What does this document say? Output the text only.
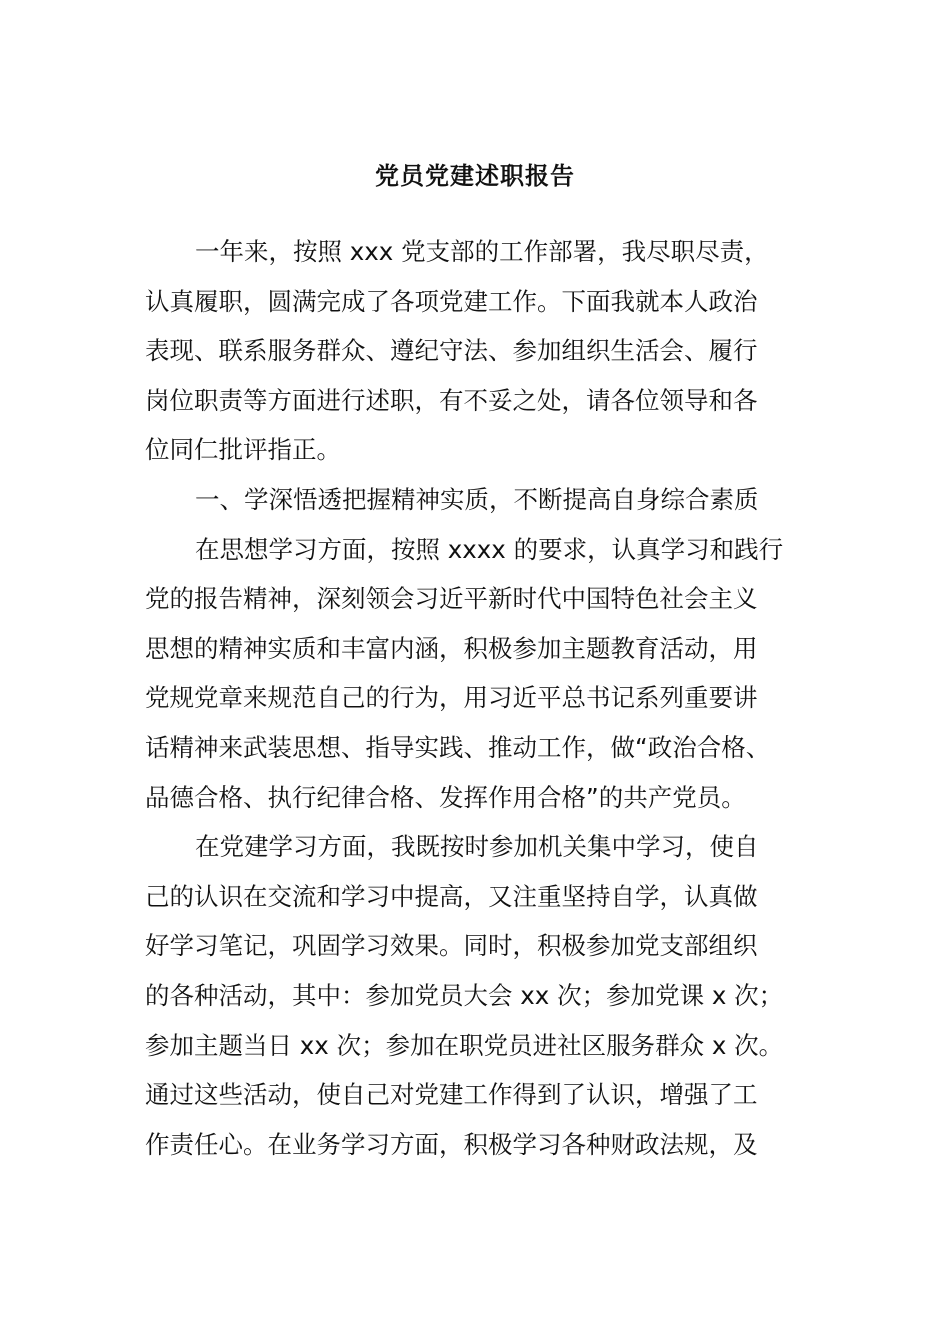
党员党建述职报告
一年来，按照 xxx 党支部的工作部署，我尽职尽责，
认真履职，圆满完成了各项党建工作。下面我就本人政治
表现、联系服务群众、遵纪守法、参加组织生活会、履行
岗位职责等方面进行述职，有不妥之处，请各位领导和各
位同仁批评指正。
一、学深悟透把握精神实质，不断提高自身综合素质
在思想学习方面，按照 xxxx 的要求，认真学习和践行
党的报告精神，深刻领会习近平新时代中国特色社会主义
思想的精神实质和丰富内涵，积极参加主题教育活动，用
党规党章来规范自己的行为，用习近平总书记系列重要讲
话精神来武装思想、指导实践、推动工作，做“政治合格、
品德合格、执行纪律合格、发挥作用合格”的共产党员。
在党建学习方面，我既按时参加机关集中学习，使自
己的认识在交流和学习中提高，又注重坚持自学，认真做
好学习笔记，巩固学习效果。同时，积极参加党支部组织
的各种活动，其中：参加党员大会 xx 次；参加党课 x 次；
参加主题当日 xx 次；参加在职党员进社区服务群众 x 次。
通过这些活动，使自己对党建工作得到了认识，增强了工
作责任心。在业务学习方面，积极学习各种财政法规，及
